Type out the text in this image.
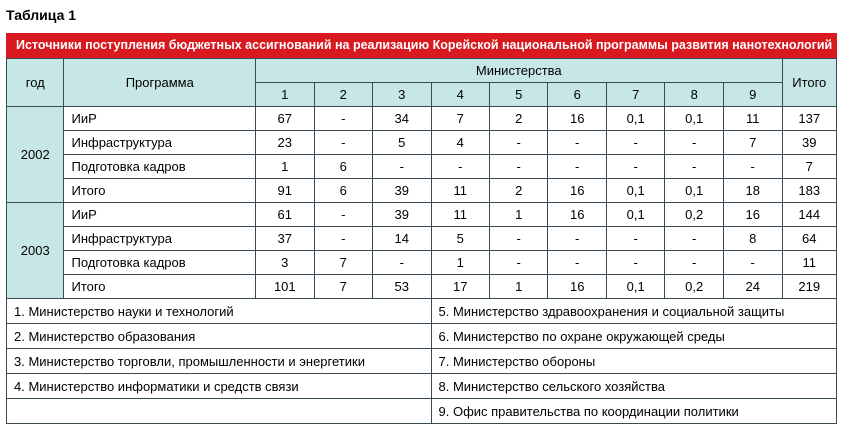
Таблица 1
Источники поступления бюджетных ассигнований на реализацию Корейской национальной программы развития нанотехнологий
год	Программа	Министерства									Итого
		1	2	3	4	5	6	7	8	9	
2002	ИиР	67	-	34	7	2	16	0,1	0,1	11	137
	Инфраструктура	23	-	5	4	-	-	-	-	7	39
	Подготовка кадров	1	6	-	-	-	-	-	-	-	7
	Итого	91	6	39	11	2	16	0,1	0,1	18	183
2003	ИиР	61	-	39	11	1	16	0,1	0,2	16	144
	Инфраструктура	37	-	14	5	-	-	-	-	8	64
	Подготовка кадров	3	7	-	1	-	-	-	-	-	11
	Итого	101	7	53	17	1	16	0,1	0,2	24	219
1. Министерство науки и технологий					5. Министерство здравоохранения и социальной защиты						
2. Министерство образования					6. Министерство по охране окружающей среды						
3. Министерство торговли, промышленности и энергетики					7. Министерство обороны						
4. Министерство информатики и средств связи					8. Министерство сельского хозяйства						
					9. Офис правительства по координации политики						
